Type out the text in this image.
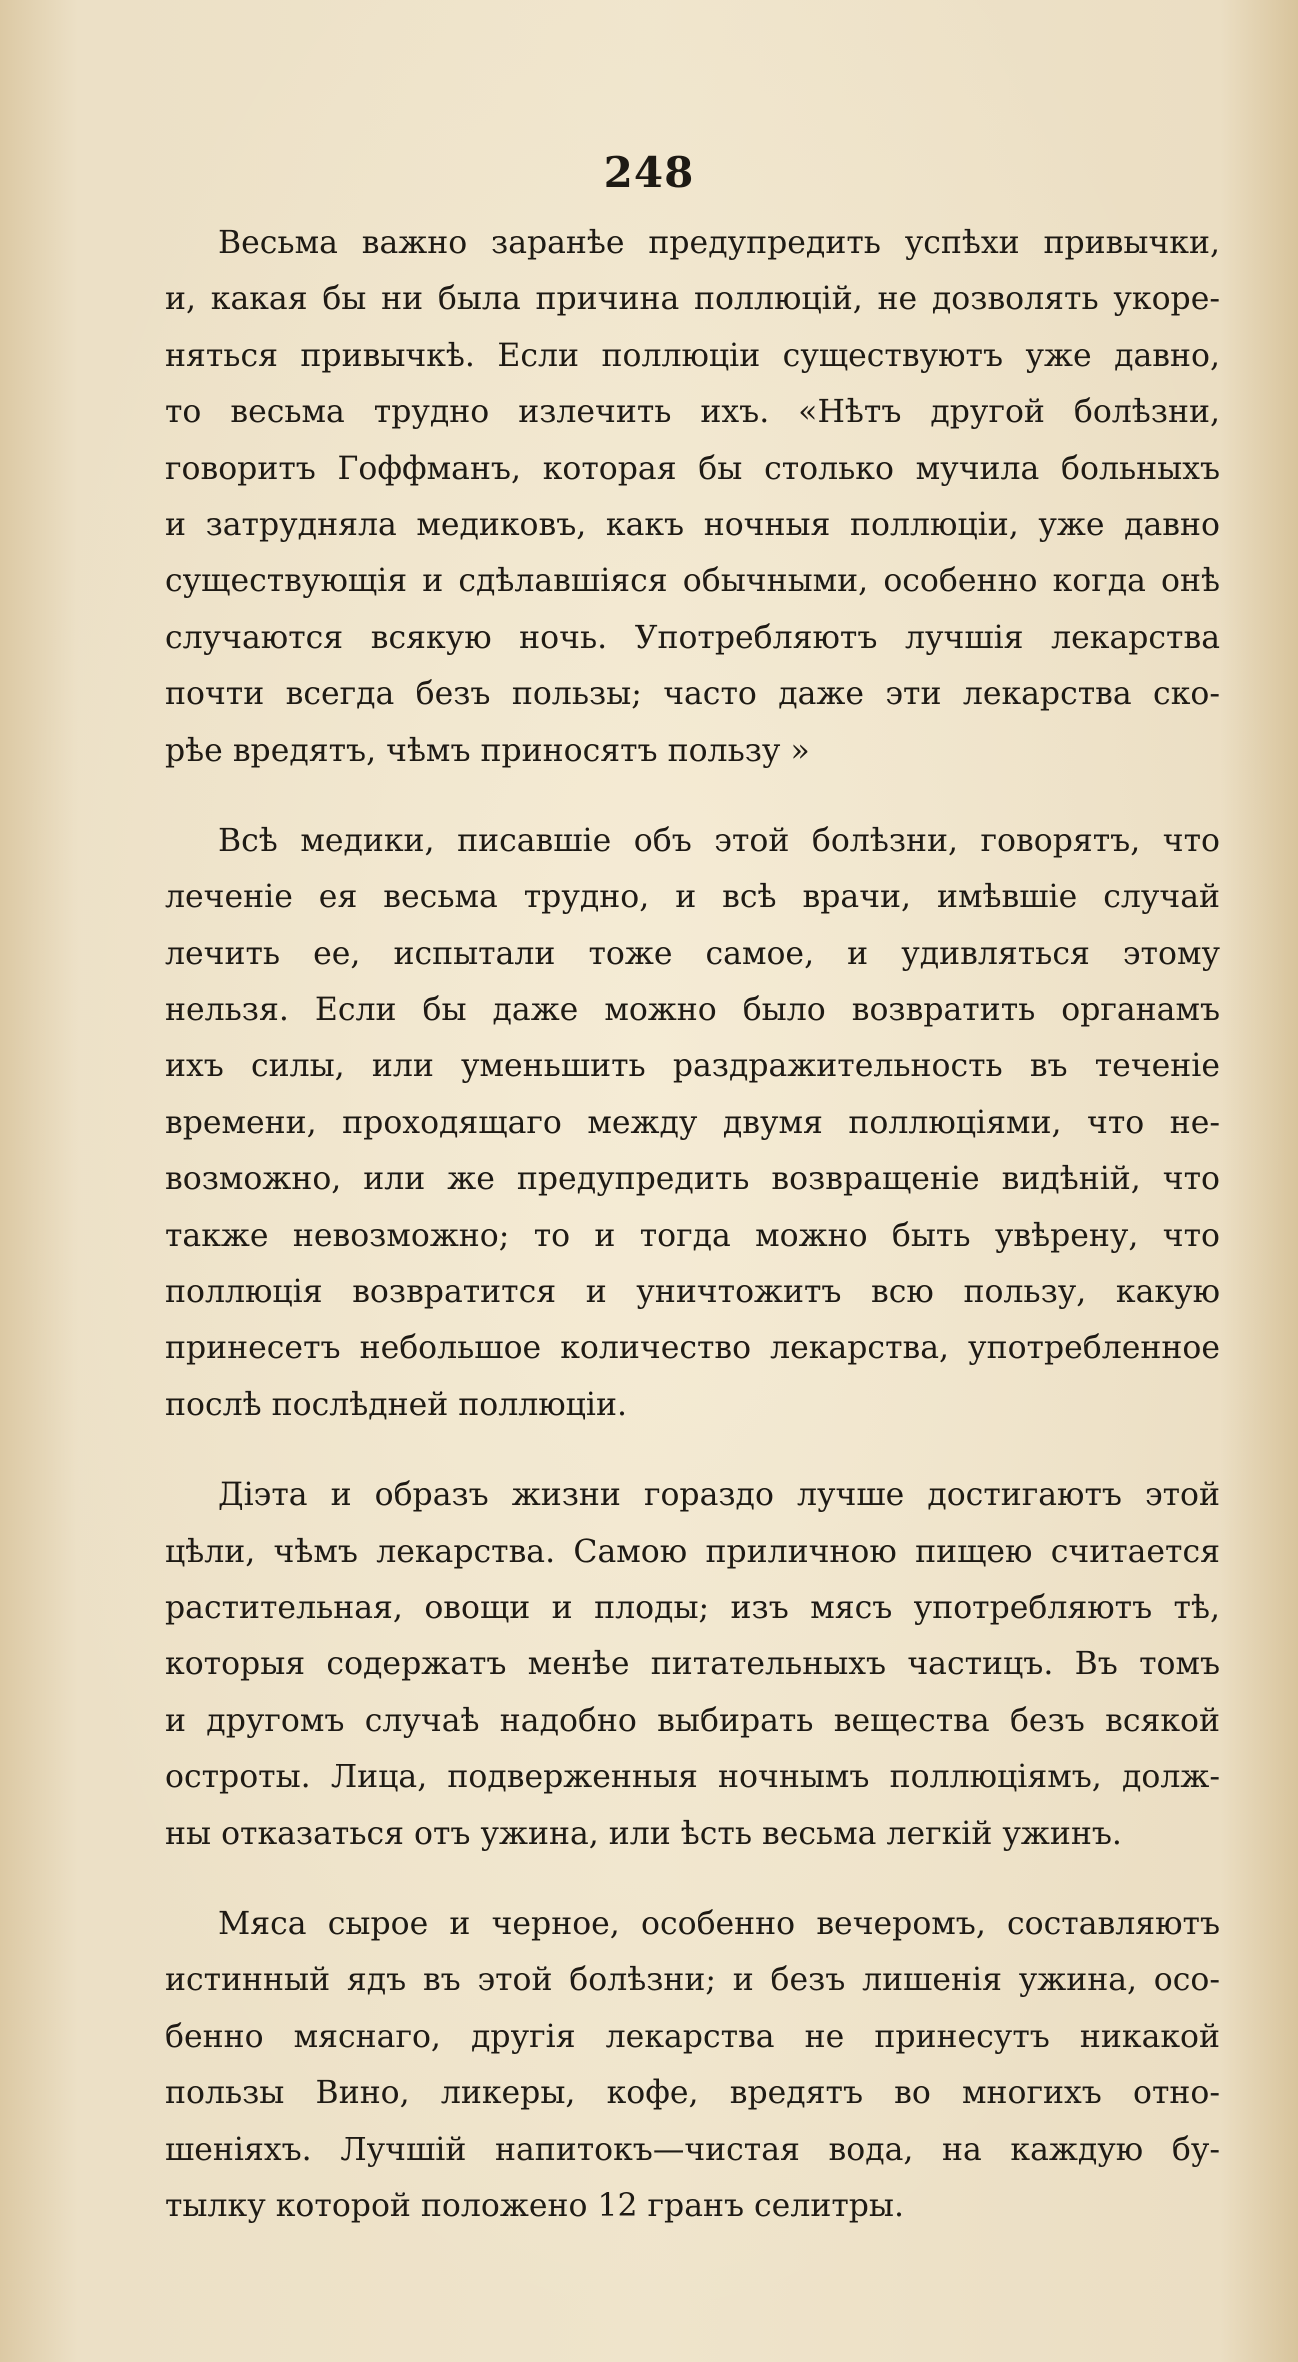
248
Весьма важно заранѣе предупредить успѣхи привычки,
и, какая бы ни была причина поллюцій, не дозволять укоре-
няться привычкѣ. Если поллюціи существуютъ уже давно,
то весьма трудно излечить ихъ. «Нѣтъ другой болѣзни,
говоритъ Гоффманъ, которая бы столько мучила больныхъ
и затрудняла медиковъ, какъ ночныя поллюціи, уже давно
существующія и сдѣлавшіяся обычными, особенно когда онѣ
случаются всякую ночь. Употребляютъ лучшія лекарства
почти всегда безъ пользы; часто даже эти лекарства ско-
рѣе вредятъ, чѣмъ приносятъ пользу »
Всѣ медики, писавшіе объ этой болѣзни, говорятъ, что
леченіе ея весьма трудно, и всѣ врачи, имѣвшіе случай
лечить ее, испытали тоже самое, и удивляться этому
нельзя. Если бы даже можно было возвратить органамъ
ихъ силы, или уменьшить раздражительность въ теченіе
времени, проходящаго между двумя поллюціями, что не-
возможно, или же предупредить возвращеніе видѣній, что
также невозможно; то и тогда можно быть увѣрену, что
поллюція возвратится и уничтожитъ всю пользу, какую
принесетъ небольшое количество лекарства, употребленное
послѣ послѣдней поллюціи.
Діэта и образъ жизни гораздо лучше достигаютъ этой
цѣли, чѣмъ лекарства. Самою приличною пищею считается
растительная, овощи и плоды; изъ мясъ употребляютъ тѣ,
которыя содержатъ менѣе питательныхъ частицъ. Въ томъ
и другомъ случаѣ надобно выбирать вещества безъ всякой
остроты. Лица, подверженныя ночнымъ поллюціямъ, долж-
ны отказаться отъ ужина, или ѣсть весьма легкій ужинъ.
Мяса сырое и черное, особенно вечеромъ, составляютъ
истинный ядъ въ этой болѣзни; и безъ лишенія ужина, осо-
бенно мяснаго, другія лекарства не принесутъ никакой
пользы Вино, ликеры, кофе, вредятъ во многихъ отно-
шеніяхъ. Лучшій напитокъ—чистая вода, на каждую бу-
тылку которой положено 12 гранъ селитры.
